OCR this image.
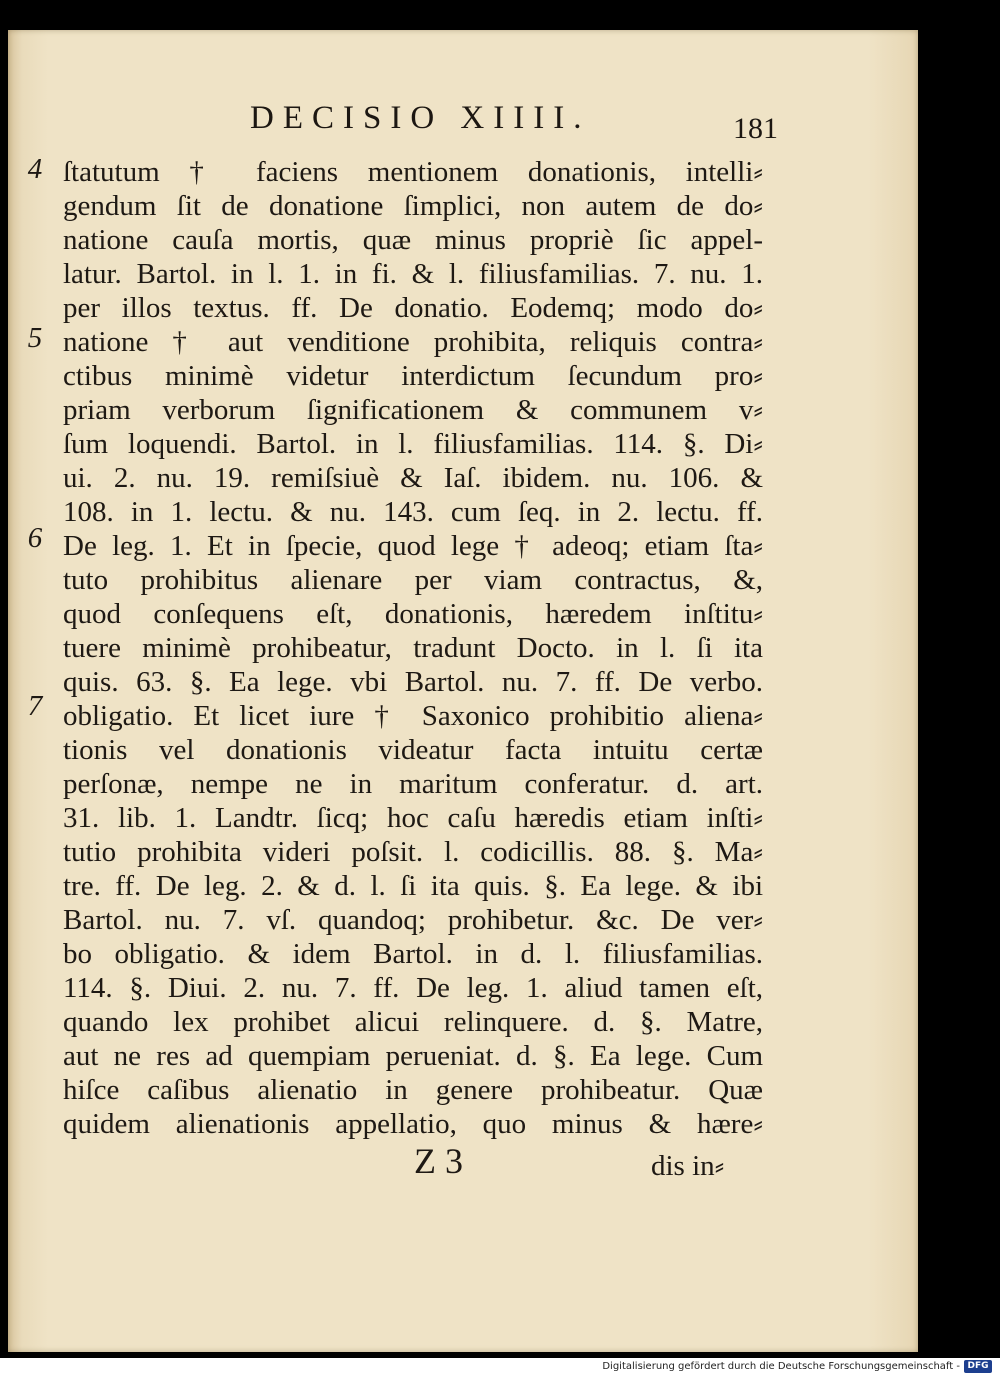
DECISIO XIIII.	181
4
5
6
7
ſtatutum † faciens mentionem donationis, intelli⸗
gendum ſit de donatione ſimplici, non autem de do⸗
natione cauſa mortis, quæ minus propriè ſic appel-
latur. Bartol. in l. 1. in fi. & l. filiusfamilias. 7. nu. 1.
per illos textus. ff. De donatio. Eodemq; modo do⸗
natione † aut venditione prohibita, reliquis contra⸗
ctibus minimè videtur interdictum ſecundum pro⸗
priam verborum ſignificationem & communem v⸗
ſum loquendi. Bartol. in l. filiusfamilias. 114. §. Di⸗
ui. 2. nu. 19. remiſsiuè & Iaſ. ibidem. nu. 106. &
108. in 1. lectu. & nu. 143. cum ſeq. in 2. lectu. ff.
De leg. 1. Et in ſpecie, quod lege † adeoq; etiam ſta⸗
tuto prohibitus alienare per viam contractus, &,
quod conſequens eſt, donationis, hæredem inſtitu⸗
tuere minimè prohibeatur, tradunt Docto. in l. ſi ita
quis. 63. §. Ea lege. vbi Bartol. nu. 7. ff. De verbo.
obligatio. Et licet iure † Saxonico prohibitio aliena⸗
tionis vel donationis videatur facta intuitu certæ
perſonæ, nempe ne in maritum conferatur. d. art.
31. lib. 1. Landtr. ſicq; hoc caſu hæredis etiam inſti⸗
tutio prohibita videri poſsit. l. codicillis. 88. §. Ma⸗
tre. ff. De leg. 2. & d. l. ſi ita quis. §. Ea lege. & ibi
Bartol. nu. 7. vſ. quandoq; prohibetur. &c. De ver⸗
bo obligatio. & idem Bartol. in d. l. filiusfamilias.
114. §. Diui. 2. nu. 7. ff. De leg. 1. aliud tamen eſt,
quando lex prohibet alicui relinquere. d. §. Matre,
aut ne res ad quempiam perueniat. d. §. Ea lege. Cum
hiſce caſibus alienatio in genere prohibeatur. Quæ
quidem alienationis appellatio, quo minus & hære⸗
Z 3	dis in⸗
Digitalisierung gefördert durch die Deutsche Forschungsgemeinschaft - DFG
